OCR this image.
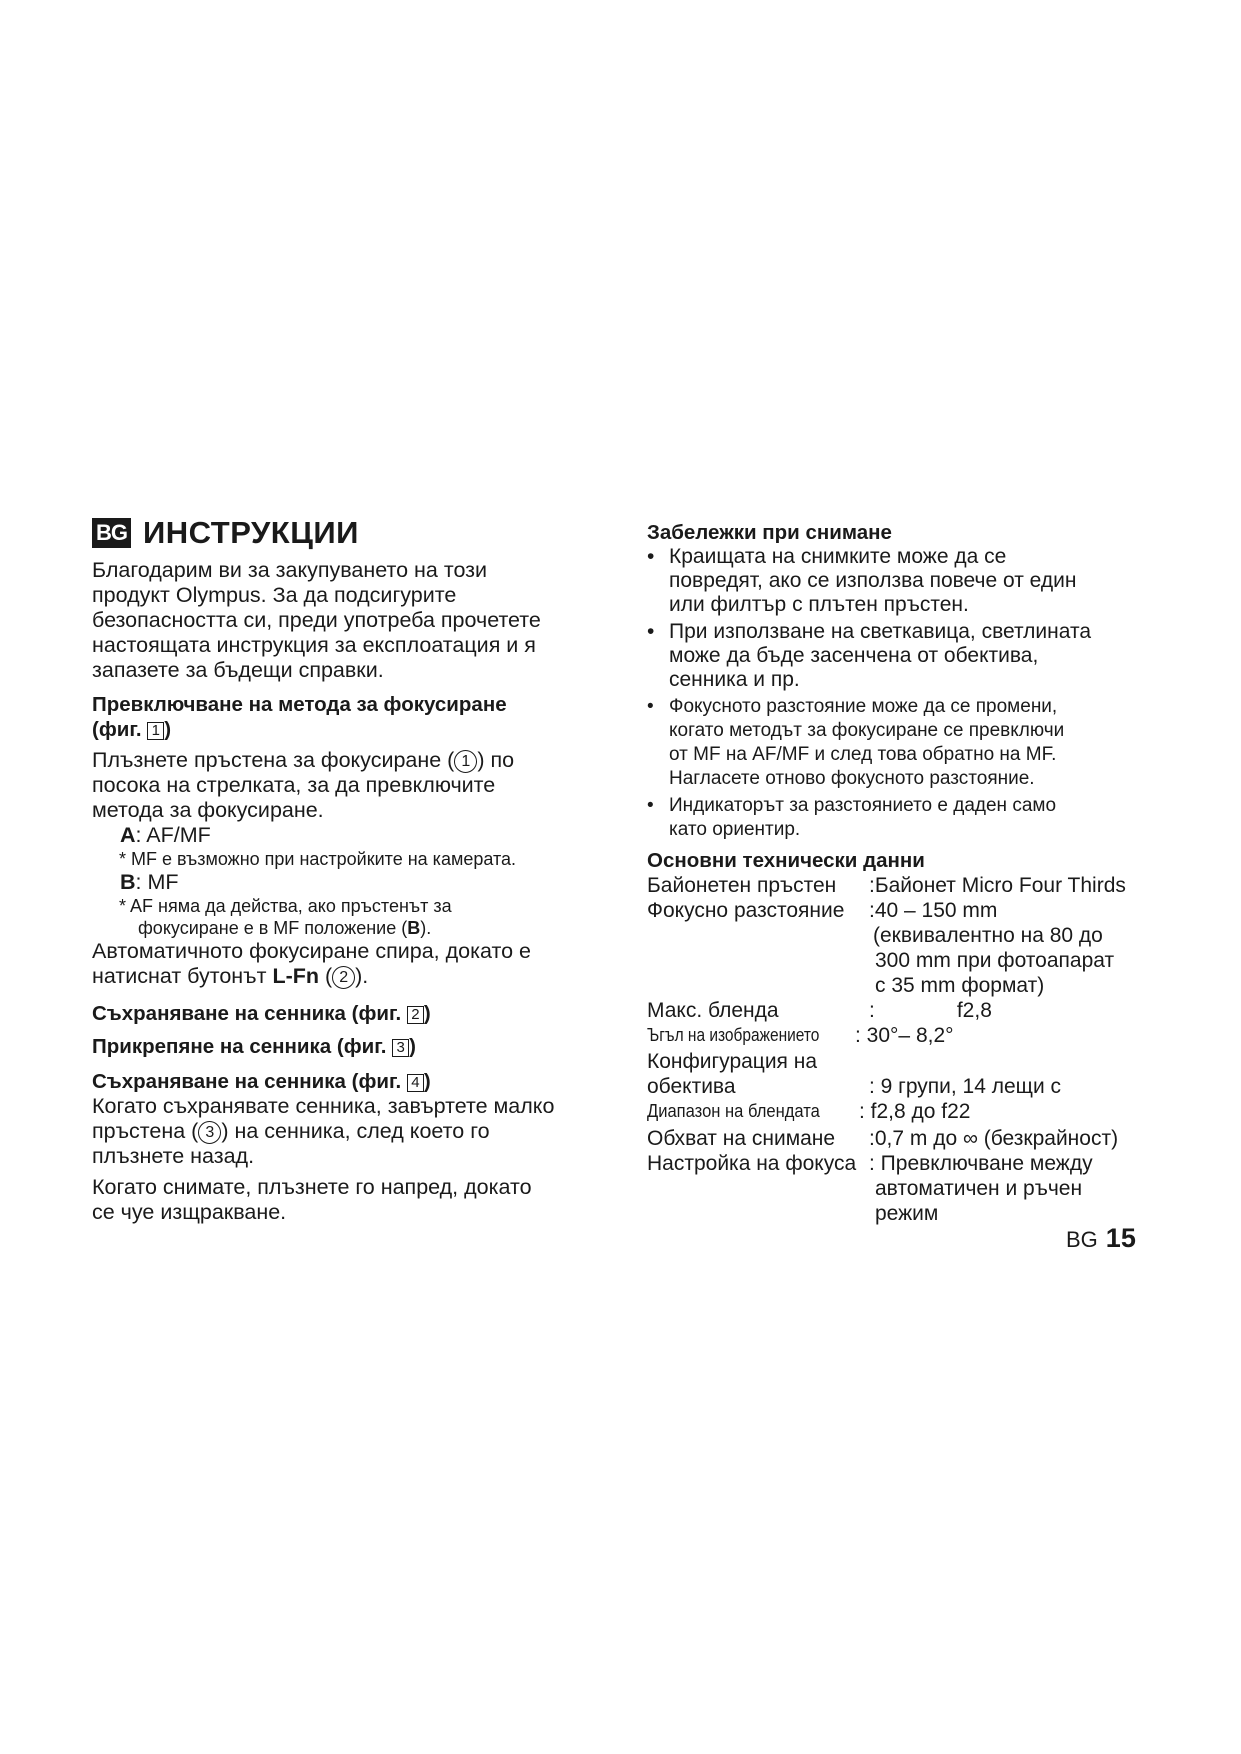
BG ИНСТРУКЦИИ

Благодарим ви за закупуването на този

продукт Olympus. За да подсигурите

безопасността си, преди употреба прочетете

настоящата инструкция за експлоатация и я

запазете за бъдещи справки.

Превключване на метода за фокусиране

(фиг. 1 )

Плъзнете пръстена за фокусиране ( 1 ) по

посока на стрелката, за да превключите

метода за фокусиране.

A: AF/MF

* MF е възможно при настройките на камерата.

B: MF

* AF няма да действа, ако пръстенът за
фокусиране е в MF положение (B).

Автоматичното фокусиране спира, докато е

натиснат бутонът L-Fn ( 2 ).

Съхраняване на сенника (фиг. 2 )

Прикрепяне на сенника (фиг. 3 )

Съхраняване на сенника (фиг. 4 )

Когато съхранявате сенника, завъртете малко

пръстена ( 3 ) на сенника, след което го

плъзнете назад.

Когато снимате, плъзнете го напред, докато

се чуе изщракване.

Забележки при снимане

• Краищата на снимките може да се

повредят, ако се използва повече от един

или филтър с плътен пръстен.

• При използване на светкавица, светлината

може да бъде засенчена от обектива,

сенника и пр.

• Фокусното разстояние може да се промени,

когато методът за фокусиране се превключи

от MF на AF/MF и след това обратно на MF.

Нагласете отново фокусното разстояние.

• Индикаторът за разстоянието е даден само

като ориентир.

Основни технически данни

Байонетен пръстен	:Байонет Micro Four Thirds
Фокусно разстояние	:40 – 150 mm

(еквивалентно на 80 до

300 mm при фотоапарат

с 35 mm формат)

Макс. бленда	:	f2,8
Ъгъл на изображението	: 30°– 8,2°

Конфигурация на

обектива	: 9 групи, 14 лещи с
Диапазон на блендата	: f2,8 до f22
Обхват на снимане	:0,7 m до ∞ (безкрайност)
Настройка на фокуса : Превключване между

автоматичен и ръчен

режим

BG 15
